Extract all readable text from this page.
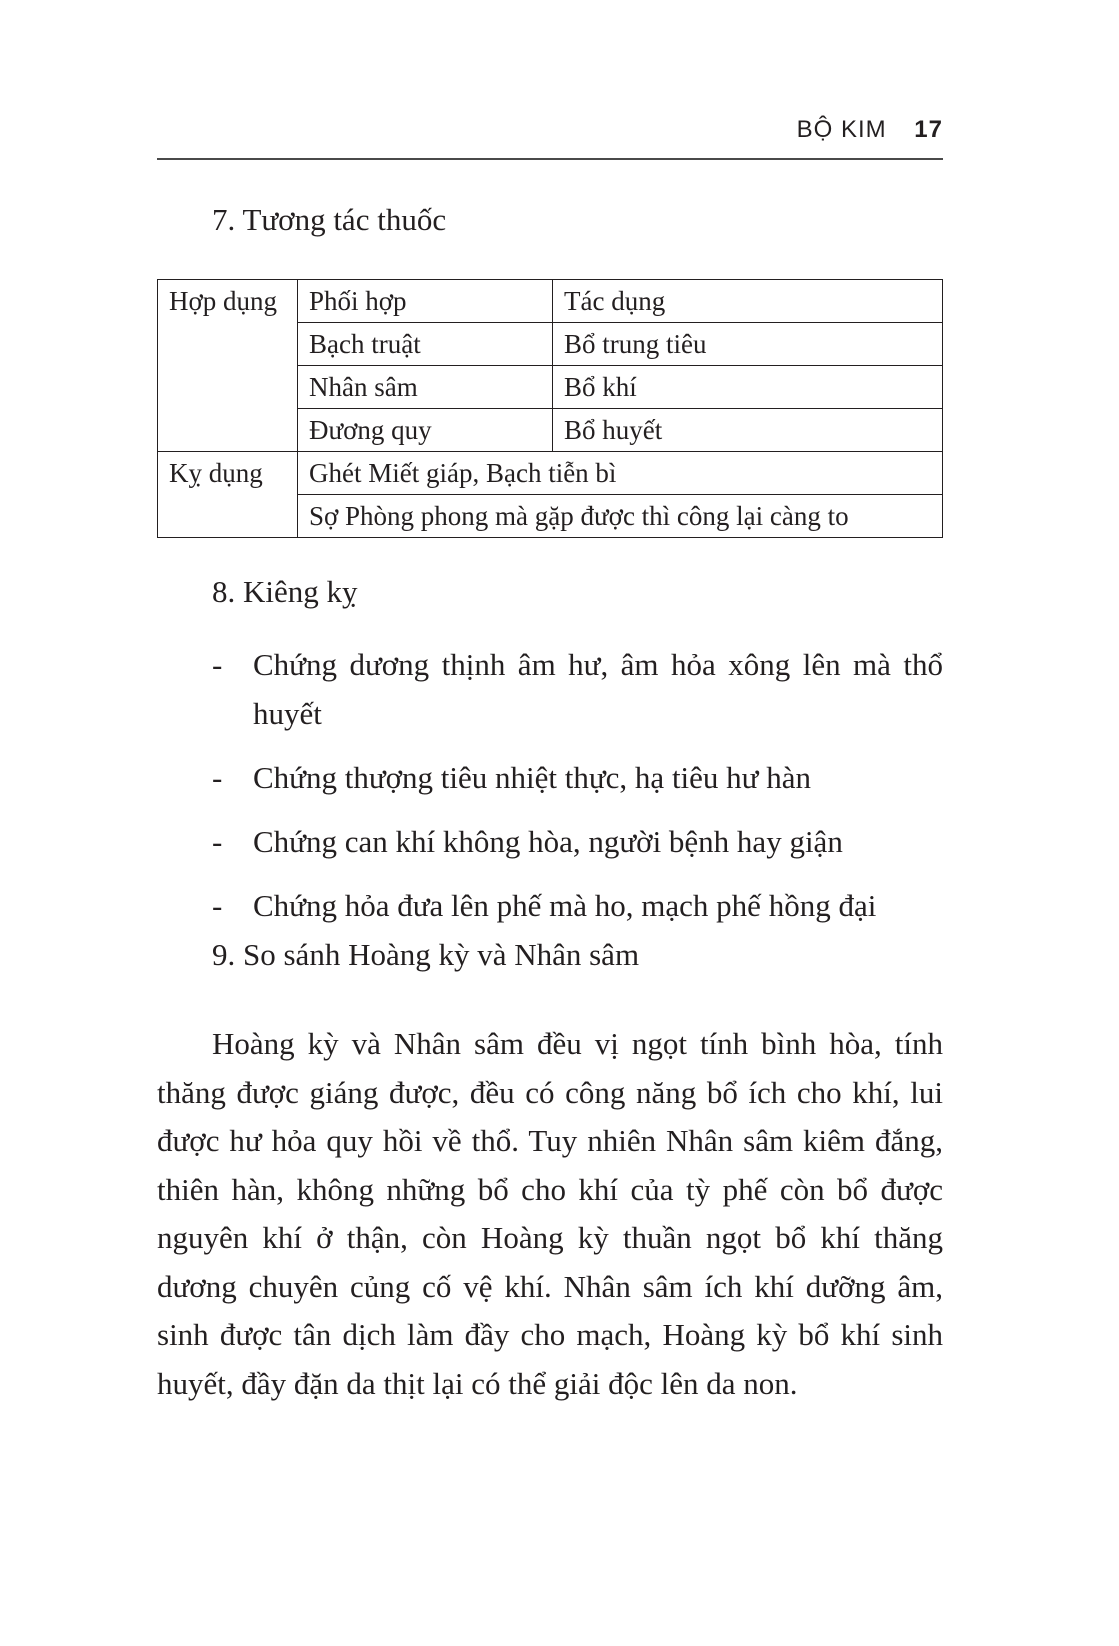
BỘ KIM 17
7. Tương tác thuốc
Hợp dụng	Phối hợp	Tác dụng
	Bạch truật	Bổ trung tiêu
	Nhân sâm	Bổ khí
	Đương quy	Bổ huyết
Kỵ dụng	Ghét Miết giáp, Bạch tiễn bì	
	Sợ Phòng phong mà gặp được thì công lại càng to	
8. Kiêng kỵ
- Chứng dương thịnh âm hư, âm hỏa xông lên mà thổ huyết
- Chứng thượng tiêu nhiệt thực, hạ tiêu hư hàn
- Chứng can khí không hòa, người bệnh hay giận
- Chứng hỏa đưa lên phế mà ho, mạch phế hồng đại
9. So sánh Hoàng kỳ và Nhân sâm

Hoàng kỳ và Nhân sâm đều vị ngọt tính bình hòa, tính thăng được giáng được, đều có công năng bổ ích cho khí, lui được hư hỏa quy hồi về thổ. Tuy nhiên Nhân sâm kiêm đắng, thiên hàn, không những bổ cho khí của tỳ phế còn bổ được nguyên khí ở thận, còn Hoàng kỳ thuần ngọt bổ khí thăng dương chuyên củng cố vệ khí. Nhân sâm ích khí dưỡng âm, sinh được tân dịch làm đầy cho mạch, Hoàng kỳ bổ khí sinh huyết, đầy đặn da thịt lại có thể giải độc lên da non.
